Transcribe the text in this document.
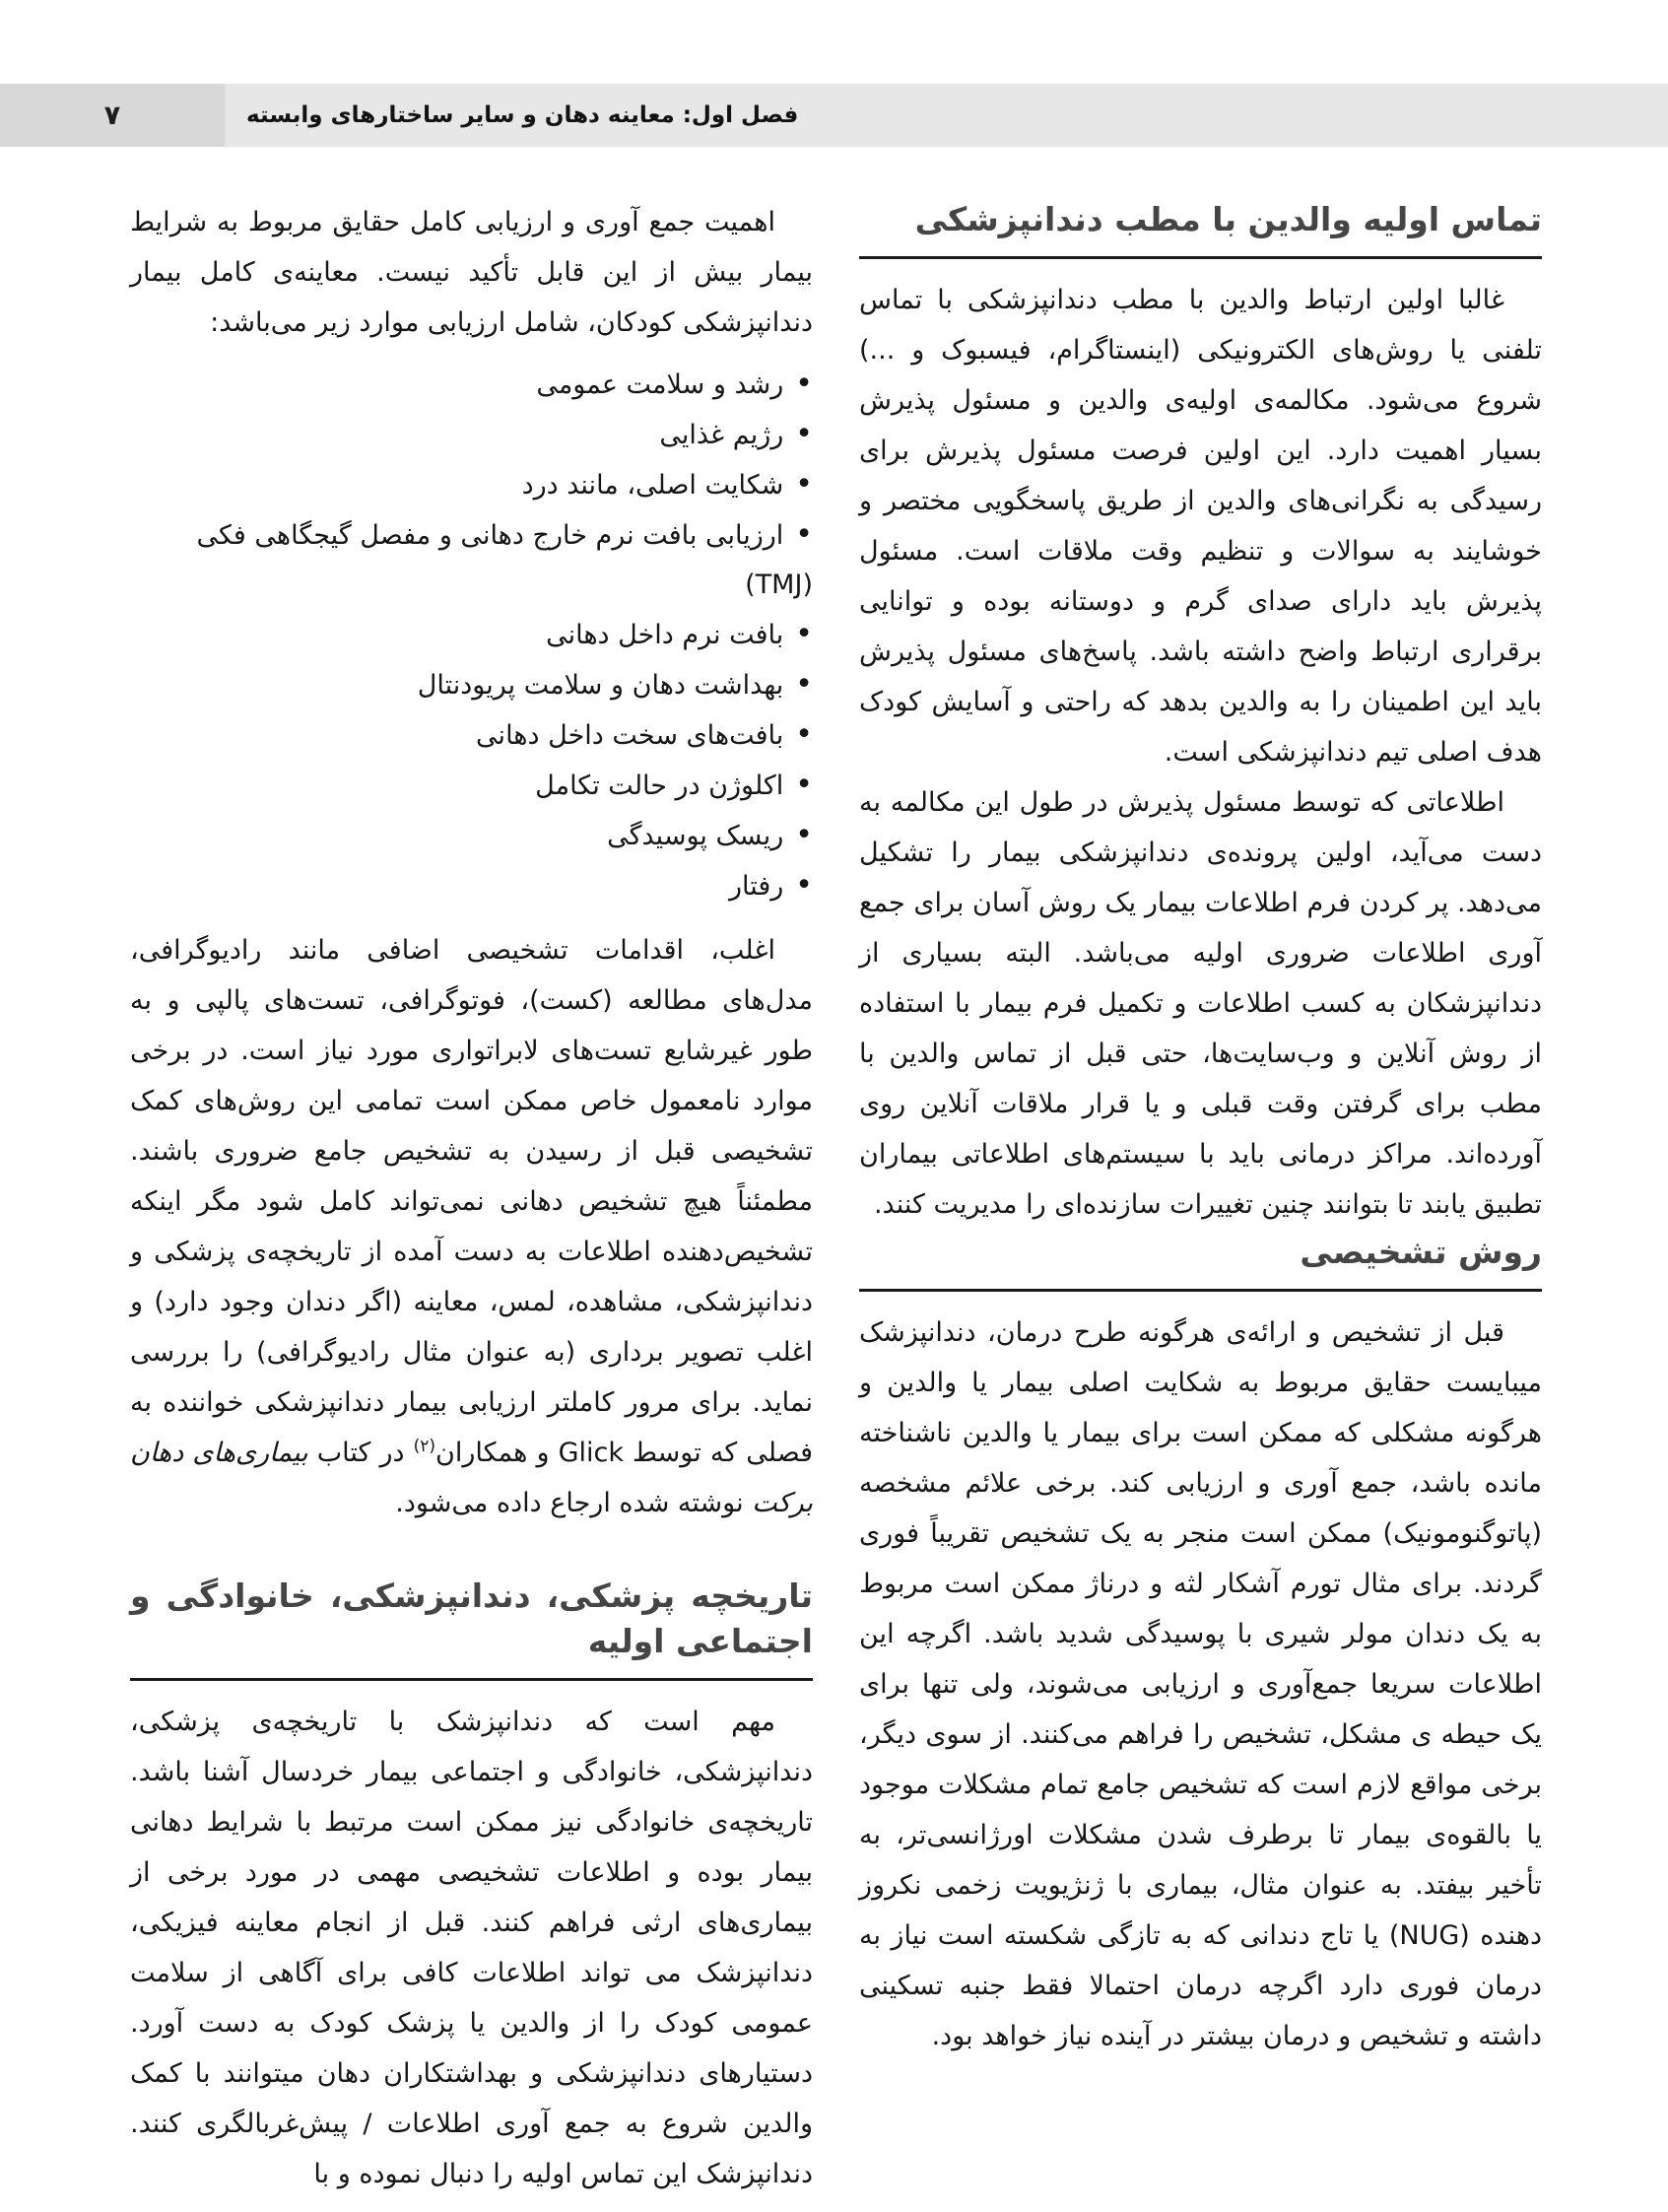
۷	فصل اول: معاینه دهان و سایر ساختارهای وابسته
تماس اولیه والدین با مطب دندانپزشکی

غالبا اولین ارتباط والدین با مطب دندانپزشکی با تماس تلفنی یا روش‌های الکترونیکی (اینستاگرام، فیسبوک و ...) شروع می‌شود. مکالمه‌ی اولیه‌ی والدین و مسئول پذیرش بسیار اهمیت دارد. این اولین فرصت مسئول پذیرش برای رسیدگی به نگرانی‌های والدین از طریق پاسخگویی مختصر و خوشایند به سوالات و تنظیم وقت ملاقات است. مسئول پذیرش باید دارای صدای گرم و دوستانه بوده و توانایی برقراری ارتباط واضح داشته باشد. پاسخ‌های مسئول پذیرش باید این اطمینان را به والدین بدهد که راحتی و آسایش کودک هدف اصلی تیم دندانپزشکی است.

اطلاعاتی که توسط مسئول پذیرش در طول این مکالمه به دست می‌آید، اولین پرونده‌ی دندانپزشکی بیمار را تشکیل می‌دهد. پر کردن فرم اطلاعات بیمار یک روش آسان برای جمع آوری اطلاعات ضروری اولیه می‌باشد. البته بسیاری از دندانپزشکان به کسب اطلاعات و تکمیل فرم بیمار با استفاده از روش آنلاین و وب‌سایت‌ها، حتی قبل از تماس والدین با مطب برای گرفتن وقت قبلی و یا قرار ملاقات آنلاین روی آورده‌اند. مراکز درمانی باید با سیستم‌های اطلاعاتی بیماران تطبیق یابند تا بتوانند چنین تغییرات سازنده‌ای را مدیریت کنند.

روش تشخیصی

قبل از تشخیص و ارائه‌ی هرگونه طرح درمان، دندانپزشک میبایست حقایق مربوط به شکایت اصلی بیمار یا والدین و هرگونه مشکلی که ممکن است برای بیمار یا والدین ناشناخته مانده باشد، جمع آوری و ارزیابی کند. برخی علائم مشخصه (پاتوگنومونیک) ممکن است منجر به یک تشخیص تقریباً فوری گردند. برای مثال تورم آشکار لثه و درناژ ممکن است مربوط به یک دندان مولر شیری با پوسیدگی شدید باشد. اگرچه این اطلاعات سریعا جمع‌آوری و ارزیابی می‌شوند، ولی تنها برای یک حیطه ی مشکل، تشخیص را فراهم می‌کنند. از سوی دیگر، برخی مواقع لازم است که تشخیص جامع تمام مشکلات موجود یا بالقوه‌ی بیمار تا برطرف شدن مشکلات اورژانسی‌تر، به تأخیر بیفتد. به عنوان مثال، بیماری با ژنژیویت زخمی نکروز دهنده (NUG) یا تاج دندانی که به تازگی شکسته است نیاز به درمان فوری دارد اگرچه درمان احتمالا فقط جنبه تسکینی داشته و تشخیص و درمان بیشتر در آینده نیاز خواهد بود.

اهمیت جمع آوری و ارزیابی کامل حقایق مربوط به شرایط بیمار بیش از این قابل تأکید نیست. معاینه‌ی کامل بیمار دندانپزشکی کودکان، شامل ارزیابی موارد زیر می‌باشد:

• رشد و سلامت عمومی
• رژیم غذایی
• شکایت اصلی، مانند درد
• ارزیابی بافت نرم خارج دهانی و مفصل گیجگاهی فکی (TMJ)
• بافت نرم داخل دهانی
• بهداشت دهان و سلامت پریودنتال
• بافت‌های سخت داخل دهانی
• اکلوژن در حالت تکامل
• ریسک پوسیدگی
• رفتار

اغلب، اقدامات تشخیصی اضافی مانند رادیوگرافی، مدل‌های مطالعه (کست)، فوتوگرافی، تست‌های پالپی و به طور غیرشایع تست‌های لابراتواری مورد نیاز است. در برخی موارد نامعمول خاص ممکن است تمامی این روش‌های کمک تشخیصی قبل از رسیدن به تشخیص جامع ضروری باشند. مطمئناً هیچ تشخیص دهانی نمی‌تواند کامل شود مگر اینکه تشخیص‌دهنده اطلاعات به دست آمده از تاریخچه‌ی پزشکی و دندانپزشکی، مشاهده، لمس، معاینه (اگر دندان وجود دارد) و اغلب تصویر برداری (به عنوان مثال رادیوگرافی) را بررسی نماید. برای مرور کاملتر ارزیابی بیمار دندانپزشکی خواننده به فصلی که توسط Glick و همکاران$^{(۲)}$ در کتاب بیماری‌های دهان برکت نوشته شده ارجاع داده می‌شود.

تاریخچه پزشکی، دندانپزشکی، خانوادگی و اجتماعی اولیه

مهم است که دندانپزشک با تاریخچه‌ی پزشکی، دندانپزشکی، خانوادگی و اجتماعی بیمار خردسال آشنا باشد. تاریخچه‌ی خانوادگی نیز ممکن است مرتبط با شرایط دهانی بیمار بوده و اطلاعات تشخیصی مهمی در مورد برخی از بیماری‌های ارثی فراهم کنند. قبل از انجام معاینه فیزیکی، دندانپزشک می تواند اطلاعات کافی برای آگاهی از سلامت عمومی کودک را از والدین یا پزشک کودک به دست آورد. دستیارهای دندانپزشکی و بهداشتکاران دهان میتوانند با کمک والدین شروع به جمع آوری اطلاعات / پیش‌غربالگری کنند. دندانپزشک این تماس اولیه را دنبال نموده و با
